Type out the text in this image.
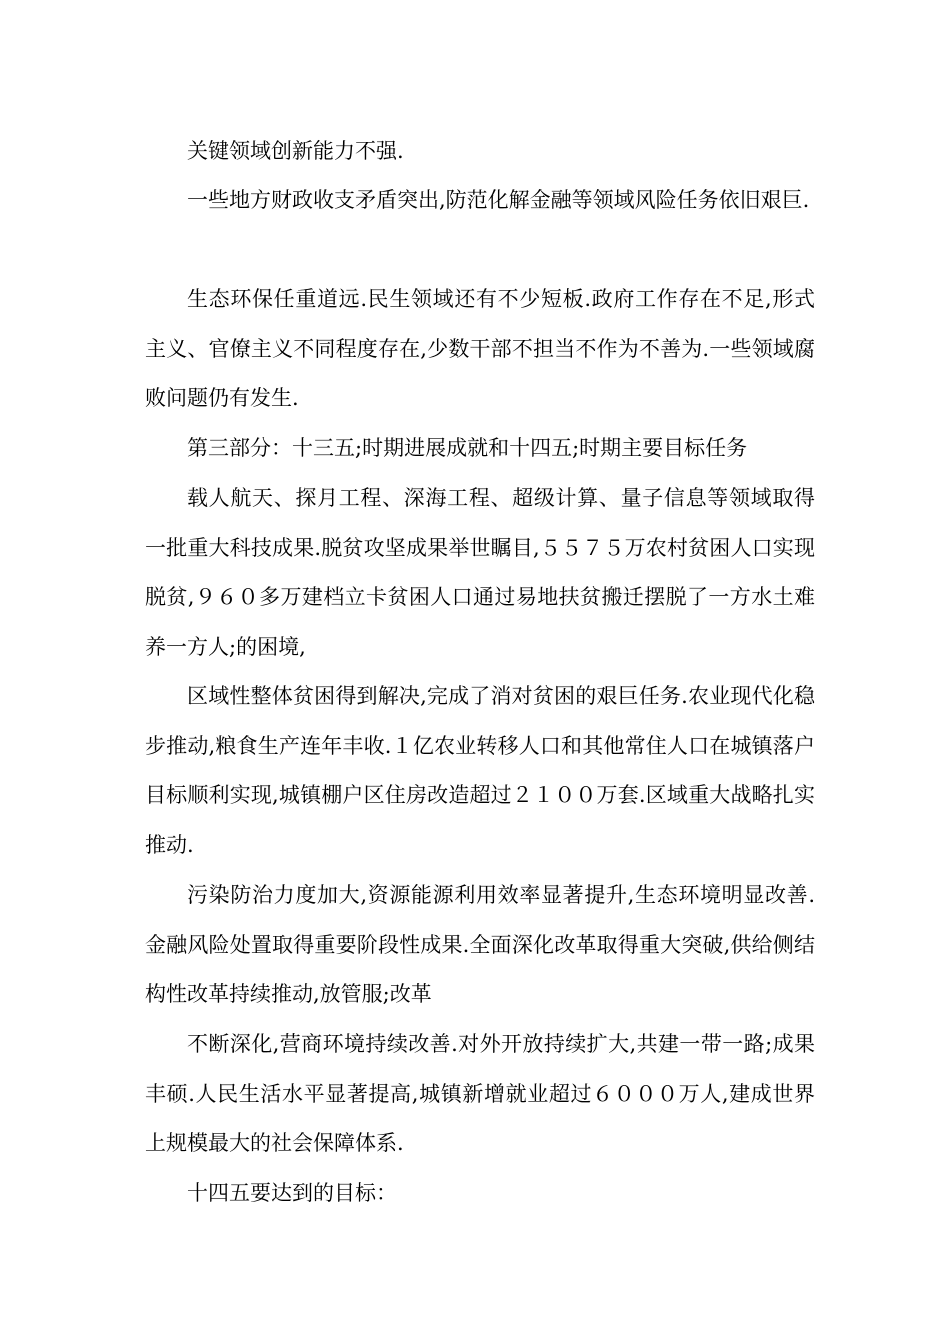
关键领域创新能力不强.

一些地方财政收支矛盾突出,防范化解金融等领域风险任务依旧艰巨.

生态环保任重道远.民生领域还有不少短板.政府工作存在不足,形式主义、官僚主义不同程度存在,少数干部不担当不作为不善为.一些领域腐败问题仍有发生.

第三部分：十三五;时期进展成就和十四五;时期主要目标任务

载人航天、探月工程、深海工程、超级计算、量子信息等领域取得一批重大科技成果.脱贫攻坚成果举世瞩目,５５７５万农村贫困人口实现脱贫,９６０多万建档立卡贫困人口通过易地扶贫搬迁摆脱了一方水土难养一方人;的困境,

区域性整体贫困得到解决,完成了消对贫困的艰巨任务.农业现代化稳步推动,粮食生产连年丰收.１亿农业转移人口和其他常住人口在城镇落户目标顺利实现,城镇棚户区住房改造超过２１００万套.区域重大战略扎实推动.

污染防治力度加大,资源能源利用效率显著提升,生态环境明显改善.金融风险处置取得重要阶段性成果.全面深化改革取得重大突破,供给侧结构性改革持续推动,放管服;改革

不断深化,营商环境持续改善.对外开放持续扩大,共建一带一路;成果丰硕.人民生活水平显著提高,城镇新增就业超过６０００万人,建成世界上规模最大的社会保障体系.

十四五要达到的目标：
